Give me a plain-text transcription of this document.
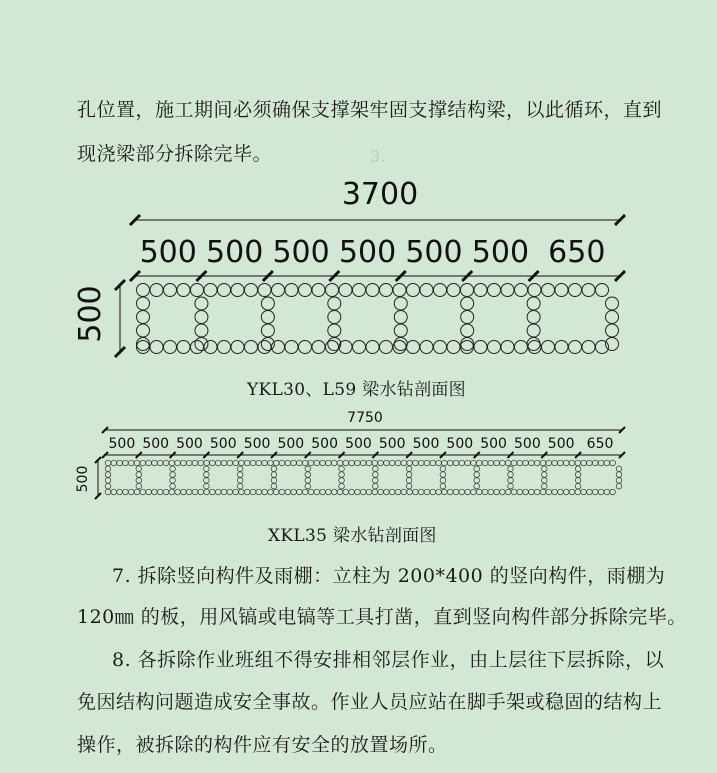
孔位置，施工期间必须确保支撑架牢固支撑结构梁，以此循环，直到
现浇梁部分拆除完毕。	3.
3700
500 500 500 500 500 500 650
500
YKL30、L59 梁水钻剖面图
7750
500 500 500 500 500 500 500 500 500 500 500 500 500 500 650
500
XKL35 梁水钻剖面图
7. 拆除竖向构件及雨棚：立柱为 200*400 的竖向构件，雨棚为
120㎜ 的板，用风镐或电镐等工具打凿，直到竖向构件部分拆除完毕。
8. 各拆除作业班组不得安排相邻层作业，由上层往下层拆除，以
免因结构问题造成安全事故。作业人员应站在脚手架或稳固的结构上
操作，被拆除的构件应有安全的放置场所。
